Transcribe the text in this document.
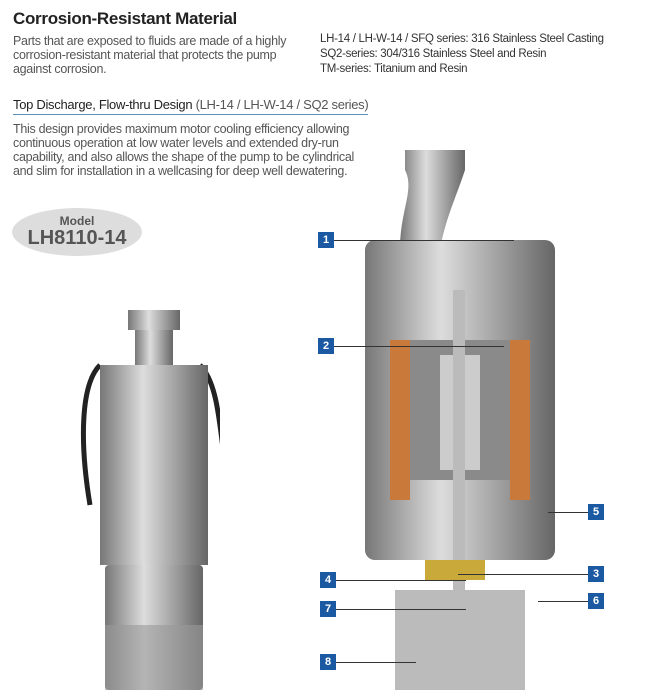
Corrosion-Resistant Material
Parts that are exposed to fluids are made of a highly
corrosion-resistant material that protects the pump
against corrosion.
LH-14 / LH-W-14 / SFQ series: 316 Stainless Steel Casting
SQ2-series: 304/316 Stainless Steel and Resin
TM-series: Titanium and Resin
Top Discharge, Flow-thru Design (LH-14 / LH-W-14 / SQ2 series)
This design provides maximum motor cooling efficiency allowing
continuous operation at low water levels and extended dry-run
capability, and also allows the shape of the pump to be cylindrical
and slim for installation in a wellcasing for deep well dewatering.
Model
LH8110-14	1
2
3
4
5
6
7
8
